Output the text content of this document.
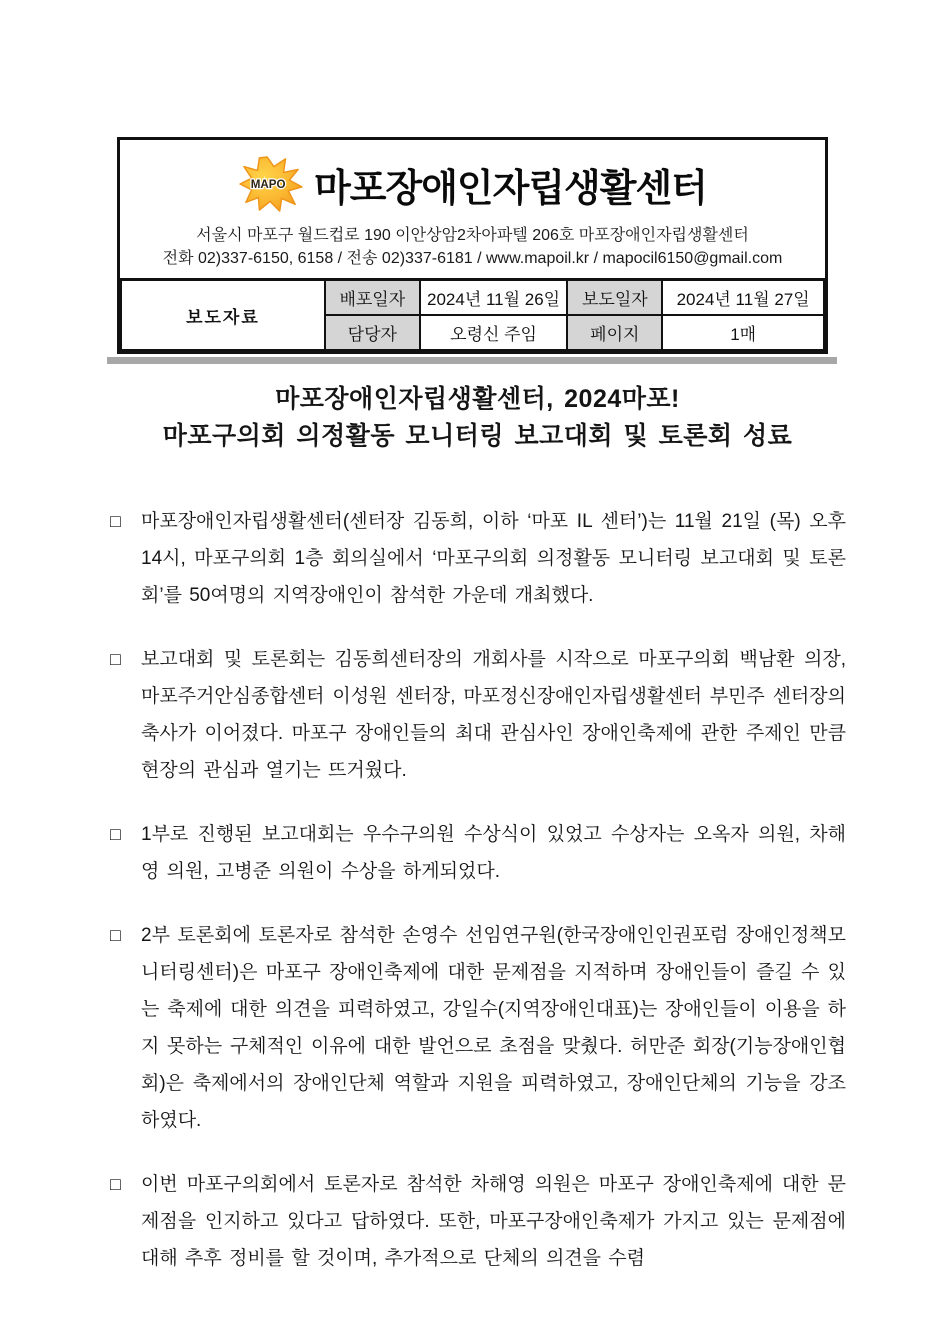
MAPO 마포장애인자립생활센터
서울시 마포구 월드컵로 190 이안상암2차아파텔 206호 마포장애인자립생활센터
전화 02)337-6150, 6158 / 전송 02)337-6181 / www.mapoil.kr / mapocil6150@gmail.com
보도자료	배포일자	2024년 11월 26일	보도일자	2024년 11월 27일
	담당자	오령신 주임	페이지	1매
마포장애인자립생활센터, 2024마포!
마포구의회 의정활동 모니터링 보고대회 및 토론회 성료

□ 마포장애인자립생활센터(센터장 김동희, 이하 ‘마포 IL 센터’)는 11월 21일 (목) 오후 14시, 마포구의회 1층 회의실에서 ‘마포구의회 의정활동 모니터링 보고대회 및 토론회’를 50여명의 지역장애인이 참석한 가운데 개최했다.

□ 보고대회 및 토론회는 김동희센터장의 개회사를 시작으로 마포구의회 백남환 의장, 마포주거안심종합센터 이성원 센터장, 마포정신장애인자립생활센터 부민주 센터장의 축사가 이어졌다. 마포구 장애인들의 최대 관심사인 장애인축제에 관한 주제인 만큼 현장의 관심과 열기는 뜨거웠다.

□ 1부로 진행된 보고대회는 우수구의원 수상식이 있었고 수상자는 오옥자 의원, 차해영 의원, 고병준 의원이 수상을 하게되었다.

□ 2부 토론회에 토론자로 참석한 손영수 선임연구원(한국장애인인권포럼 장애인정책모니터링센터)은 마포구 장애인축제에 대한 문제점을 지적하며 장애인들이 즐길 수 있는 축제에 대한 의견을 피력하였고, 강일수(지역장애인대표)는 장애인들이 이용을 하지 못하는 구체적인 이유에 대한 발언으로 초점을 맞췄다. 허만준 회장(기능장애인협회)은 축제에서의 장애인단체 역할과 지원을 피력하였고, 장애인단체의 기능을 강조하였다.

□ 이번 마포구의회에서 토론자로 참석한 차해영 의원은 마포구 장애인축제에 대한 문제점을 인지하고 있다고 답하였다. 또한, 마포구장애인축제가 가지고 있는 문제점에 대해 추후 정비를 할 것이며, 추가적으로 단체의 의견을 수렴
